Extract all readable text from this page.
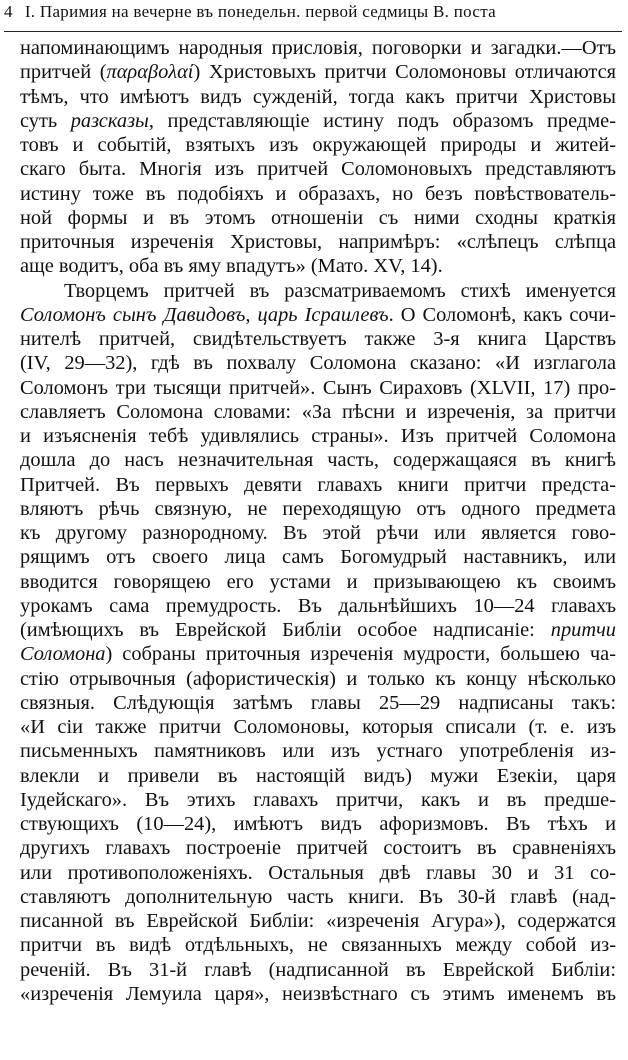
4 I. Паримия на вечерне въ понедельн. первой седмицы В. поста
напоминающимъ народныя присловія, поговорки и загадки.—Отъ
притчей (παραβολαί) Христовыхъ притчи Соломоновы отличаются
тѣмъ, что имѣютъ видъ сужденій, тогда какъ притчи Христовы
суть разсказы, представляющіе истину подъ образомъ предме-
товъ и событій, взятыхъ изъ окружающей природы и житей-
скаго быта. Многія изъ притчей Соломоновыхъ представляютъ
истину тоже въ подобіяхъ и образахъ, но безъ повѣствователь-
ной формы и въ этомъ отношеніи съ ними сходны краткія
приточныя изреченія Христовы, напримѣръ: «слѣпецъ слѣпца
аще водитъ, оба въ яму впадутъ» (Мато. XV, 14).
Творцемъ притчей въ разсматриваемомъ стихѣ именуется
Соломонъ сынъ Давидовъ, царь Ісраилевъ. О Соломонѣ, какъ сочи-
нителѣ притчей, свидѣтельствуетъ также 3-я книга Царствъ
(IV, 29—32), гдѣ въ похвалу Соломона сказано: «И изглагола
Соломонъ три тысящи притчей». Сынъ Сираховъ (XLVII, 17) про-
славляетъ Соломона словами: «За пѣсни и изреченія, за притчи
и изъясненія тебѣ удивлялись страны». Изъ притчей Соломона
дошла до насъ незначительная часть, содержащаяся въ книгѣ
Притчей. Въ первыхъ девяти главахъ книги притчи предста-
вляютъ рѣчь связную, не переходящую отъ одного предмета
къ другому разнородному. Въ этой рѣчи или является гово-
рящимъ отъ своего лица самъ Богомудрый наставникъ, или
вводится говорящею его устами и призывающею къ своимъ
урокамъ сама премудрость. Въ дальнѣйшихъ 10—24 главахъ
(имѣющихъ въ Еврейской Библіи особое надписаніе: притчи
Соломона) собраны приточныя изреченія мудрости, большею ча-
стію отрывочныя (афористическія) и только къ концу нѣсколько
связныя. Слѣдующія затѣмъ главы 25—29 надписаны такъ:
«И сіи также притчи Соломоновы, которыя списали (т. е. изъ
письменныхъ памятниковъ или изъ устнаго употребленія из-
влекли и привели въ настоящій видъ) мужи Езекіи, царя
Іудейскаго». Въ этихъ главахъ притчи, какъ и въ предше-
ствующихъ (10—24), имѣютъ видъ афоризмовъ. Въ тѣхъ и
другихъ главахъ построеніе притчей состоитъ въ сравненіяхъ
или противоположеніяхъ. Остальныя двѣ главы 30 и 31 со-
ставляютъ дополнительную часть книги. Въ 30-й главѣ (над-
писанной въ Еврейской Библіи: «изреченія Агура»), содержатся
притчи въ видѣ отдѣльныхъ, не связанныхъ между собой из-
реченій. Въ 31-й главѣ (надписанной въ Еврейской Библіи:
«изреченія Лемуила царя», неизвѣстнаго съ этимъ именемъ въ
